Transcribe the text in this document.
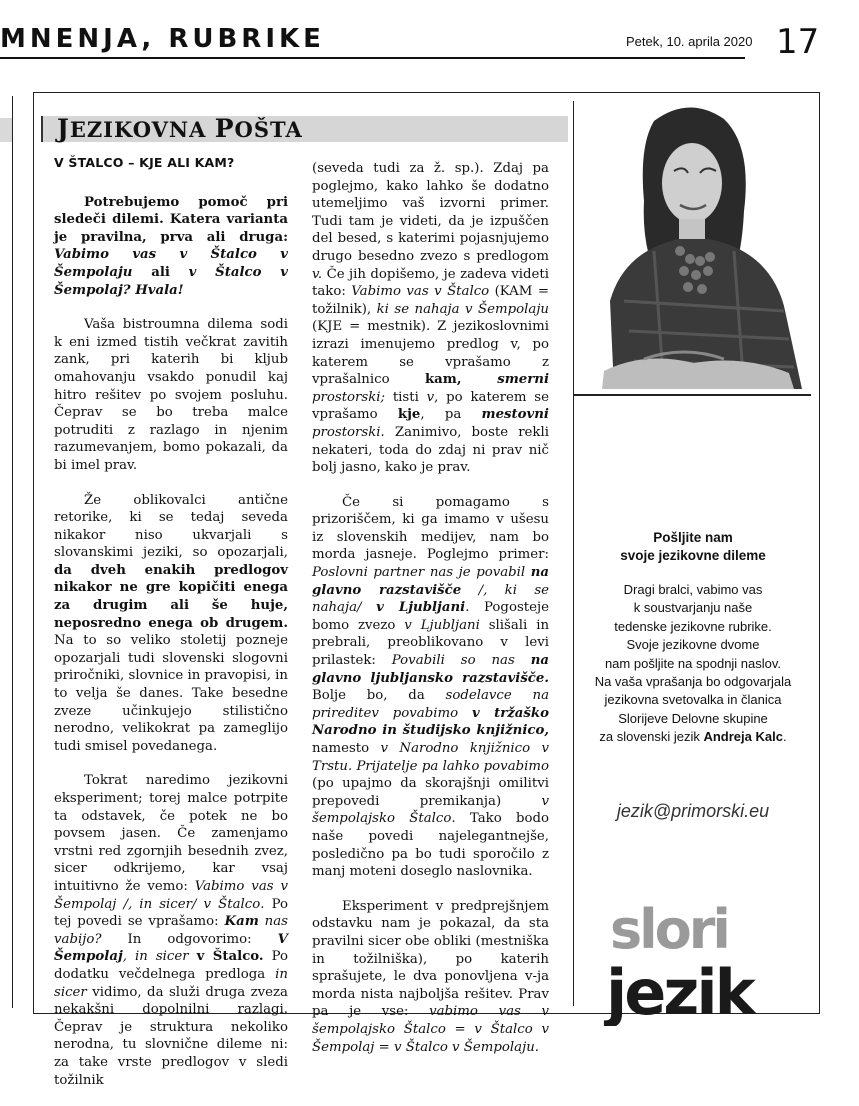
MNENJA, RUBRIKE	Petek, 10. aprila 2020 17
JEZIKOVNA POŠTA
V ŠTALCO – KJE ALI KAM?

Potrebujemo pomoč pri sledeči dilemi. Katera varianta je pravilna, prva ali druga: Vabimo vas v Štalco v Šempolaju ali v Štalco v Šempolaj? Hvala!

Vaša bistroumna dilema sodi k eni izmed tistih večkrat zavitih zank, pri katerih bi kljub omahovanju vsakdo ponudil kaj hitro rešitev po svojem posluhu. Čeprav se bo treba malce potruditi z razlago in njenim razumevanjem, bomo pokazali, da bi imel prav.

Že oblikovalci antične retorike, ki se tedaj seveda nikakor niso ukvarjali s slovanskimi jeziki, so opozarjali, da dveh enakih predlogov nikakor ne gre kopičiti enega za drugim ali še huje, neposredno enega ob drugem. Na to so veliko stoletij pozneje opozarjali tudi slovenski slogovni priročniki, slovnice in pravopisi, in to velja še danes. Take besedne zveze učinkujejo stilistično nerodno, velikokrat pa zameglijo tudi smisel povedanega.

Tokrat naredimo jezikovni eksperiment; torej malce potrpite ta odstavek, če potek ne bo povsem jasen. Če zamenjamo vrstni red zgornjih besednih zvez, sicer odkrijemo, kar vsaj intuitivno že vemo: Vabimo vas v Šempolaj /, in sicer/ v Štalco. Po tej povedi se vprašamo: Kam nas vabijo? In odgovorimo: V Šempolaj, in sicer v Štalco. Po dodatku večdelnega predloga in sicer vidimo, da služi druga zveza nekakšni dopolnilni razlagi. Čeprav je struktura nekoliko nerodna, tu slovnične dileme ni: za take vrste predlogov v sledi tožilnik

(seveda tudi za ž. sp.). Zdaj pa poglejmo, kako lahko še dodatno utemeljimo vaš izvorni primer. Tudi tam je videti, da je izpuščen del besed, s katerimi pojasnjujemo drugo besedno zvezo s predlogom v. Če jih dopišemo, je zadeva videti tako: Vabimo vas v Štalco (KAM = tožilnik), ki se nahaja v Šempolaju (KJE = mestnik). Z jezikoslovnimi izrazi imenujemo predlog v, po katerem se vprašamo z vprašalnico kam, smerni prostorski; tisti v, po katerem se vprašamo kje, pa mestovni prostorski. Zanimivo, boste rekli nekateri, toda do zdaj ni prav nič bolj jasno, kako je prav.

Če si pomagamo s prizoriščem, ki ga imamo v ušesu iz slovenskih medijev, nam bo morda jasneje. Poglejmo primer: Poslovni partner nas je povabil na glavno razstavišče /, ki se nahaja/ v Ljubljani. Pogosteje bomo zvezo v Ljubljani slišali in prebrali, preoblikovano v levi prilastek: Povabili so nas na glavno ljubljansko razstavišče. Bolje bo, da sodelavce na prireditev povabimo v tržaško Narodno in študijsko knjižnico, namesto v Narodno knjižnico v Trstu. Prijatelje pa lahko povabimo (po upajmo da skorajšnji omilitvi prepovedi premikanja) v šempolajsko Štalco. Tako bodo naše povedi najelegantnejše, posledično pa bo tudi sporočilo z manj moteni doseglo naslovnika.

Eksperiment v predprejšnjem odstavku nam je pokazal, da sta pravilni sicer obe obliki (mestniška in tožilniška), po katerih sprašujete, le dva ponovljena v-ja morda nista najboljša rešitev. Prav pa je vse: vabimo vas v šempolajsko Štalco = v Štalco v Šempolaj = v Štalco v Šempolaju.

Pošljite nam
svoje jezikovne dileme
Dragi bralci, vabimo vas
k soustvarjanju naše
tedenske jezikovne rubrike.
Svoje jezikovne dvome
nam pošljite na spodnji naslov.
Na vaša vprašanja bo odgovarjala
jezikovna svetovalka in članica
Slorijeve Delovne skupine
za slovenski jezik Andreja Kalc.
jezik@primorski.eu
slori
jezik
